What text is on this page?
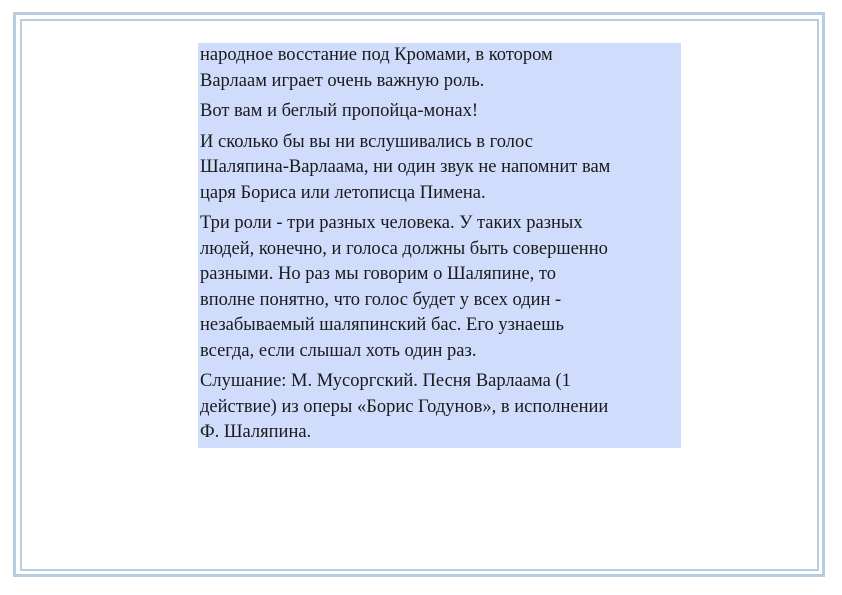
народное восстание под Кромами, в котором
Варлаам играет очень важную роль.

Вот вам и беглый пропойца-монах!

И сколько бы вы ни вслушивались в голос
Шаляпина-Варлаама, ни один звук не напомнит вам
царя Бориса или летописца Пимена.

Три роли - три разных человека. У таких разных
людей, конечно, и голоса должны быть совершенно
разными. Но раз мы говорим о Шаляпине, то
вполне понятно, что голос будет у всех один -
незабываемый шаляпинский бас. Его узнаешь
всегда, если слышал хоть один раз.

Слушание: М. Мусоргский. Песня Варлаама (1
действие) из оперы «Борис Годунов», в исполнении
Ф. Шаляпина.
